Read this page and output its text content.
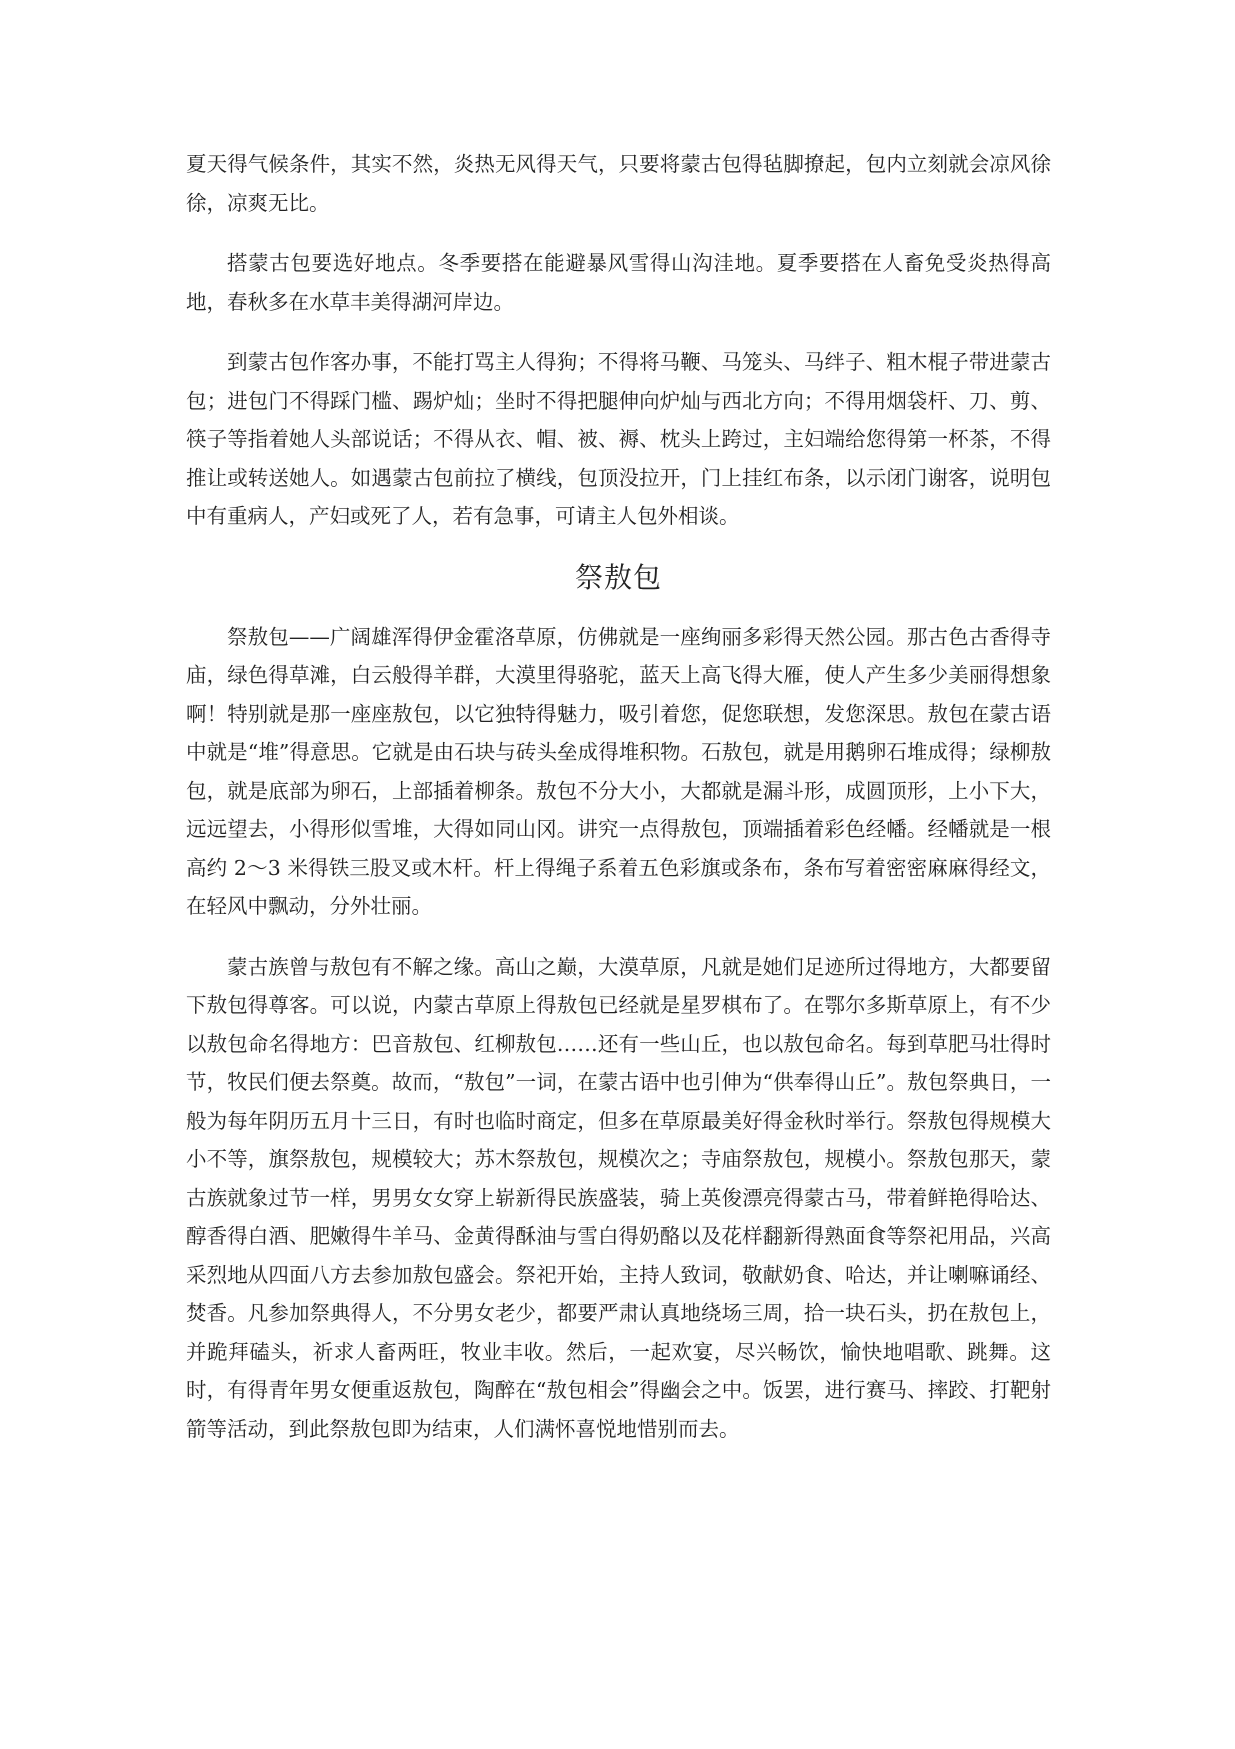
夏天得气候条件，其实不然，炎热无风得天气，只要将蒙古包得毡脚撩起，包内立刻就会凉风徐徐，凉爽无比。

搭蒙古包要选好地点。冬季要搭在能避暴风雪得山沟洼地。夏季要搭在人畜免受炎热得高地，春秋多在水草丰美得湖河岸边。

到蒙古包作客办事，不能打骂主人得狗；不得将马鞭、马笼头、马绊子、粗木棍子带进蒙古包；进包门不得踩门槛、踢炉灿；坐时不得把腿伸向炉灿与西北方向；不得用烟袋杆、刀、剪、筷子等指着她人头部说话；不得从衣、帽、被、褥、枕头上跨过，主妇端给您得第一杯茶，不得推让或转送她人。如遇蒙古包前拉了横线，包顶没拉开，门上挂红布条，以示闭门谢客，说明包中有重病人，产妇或死了人，若有急事，可请主人包外相谈。

祭敖包

祭敖包——广阔雄浑得伊金霍洛草原，仿佛就是一座绚丽多彩得天然公园。那古色古香得寺庙，绿色得草滩，白云般得羊群，大漠里得骆驼，蓝天上高飞得大雁，使人产生多少美丽得想象啊！特别就是那一座座敖包，以它独特得魅力，吸引着您，促您联想，发您深思。敖包在蒙古语中就是“堆”得意思。它就是由石块与砖头垒成得堆积物。石敖包，就是用鹅卵石堆成得；绿柳敖包，就是底部为卵石，上部插着柳条。敖包不分大小，大都就是漏斗形，成圆顶形，上小下大，远远望去，小得形似雪堆，大得如同山冈。讲究一点得敖包，顶端插着彩色经幡。经幡就是一根高约 2～3 米得铁三股叉或木杆。杆上得绳子系着五色彩旗或条布，条布写着密密麻麻得经文，在轻风中飘动，分外壮丽。

蒙古族曾与敖包有不解之缘。高山之巅，大漠草原，凡就是她们足迹所过得地方，大都要留下敖包得尊客。可以说，内蒙古草原上得敖包已经就是星罗棋布了。在鄂尔多斯草原上，有不少以敖包命名得地方：巴音敖包、红柳敖包……还有一些山丘，也以敖包命名。每到草肥马壮得时节，牧民们便去祭奠。故而，“敖包”一词，在蒙古语中也引伸为“供奉得山丘”。敖包祭典日，一般为每年阴历五月十三日，有时也临时商定，但多在草原最美好得金秋时举行。祭敖包得规模大小不等，旗祭敖包，规模较大；苏木祭敖包，规模次之；寺庙祭敖包，规模小。祭敖包那天，蒙古族就象过节一样，男男女女穿上崭新得民族盛装，骑上英俊漂亮得蒙古马，带着鲜艳得哈达、醇香得白酒、肥嫩得牛羊马、金黄得酥油与雪白得奶酪以及花样翻新得熟面食等祭祀用品，兴高采烈地从四面八方去参加敖包盛会。祭祀开始，主持人致词，敬献奶食、哈达，并让喇嘛诵经、焚香。凡参加祭典得人，不分男女老少，都要严肃认真地绕场三周，拾一块石头，扔在敖包上，并跪拜磕头，祈求人畜两旺，牧业丰收。然后，一起欢宴，尽兴畅饮，愉快地唱歌、跳舞。这时，有得青年男女便重返敖包，陶醉在“敖包相会”得幽会之中。饭罢，进行赛马、摔跤、打靶射箭等活动，到此祭敖包即为结束，人们满怀喜悦地惜别而去。
